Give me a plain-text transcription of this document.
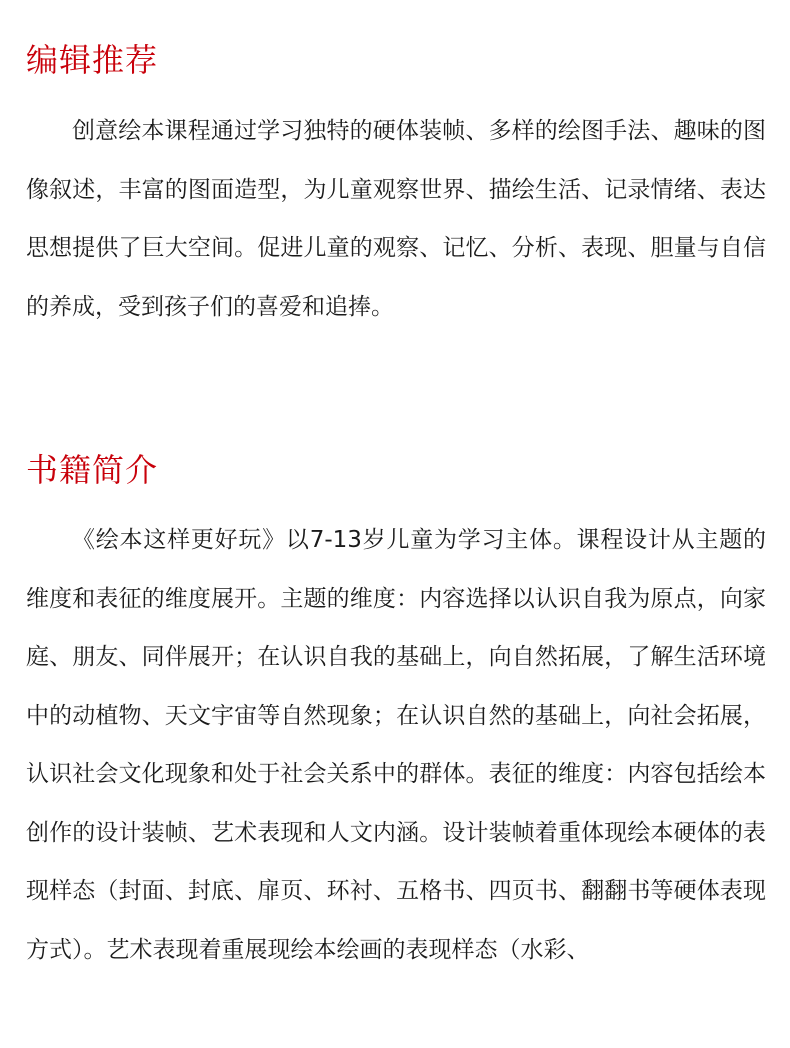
编辑推荐

创意绘本课程通过学习独特的硬体装帧、多样的绘图手法、趣味的图像叙述，丰富的图面造型，为儿童观察世界、描绘生活、记录情绪、表达思想提供了巨大空间。促进儿童的观察、记忆、分析、表现、胆量与自信的养成，受到孩子们的喜爱和追捧。

书籍简介

《绘本这样更好玩》以7-13岁儿童为学习主体。课程设计从主题的维度和表征的维度展开。主题的维度：内容选择以认识自我为原点，向家庭、朋友、同伴展开；在认识自我的基础上，向自然拓展，了解生活环境中的动植物、天文宇宙等自然现象；在认识自然的基础上，向社会拓展，认识社会文化现象和处于社会关系中的群体。表征的维度：内容包括绘本创作的设计装帧、艺术表现和人文内涵。设计装帧着重体现绘本硬体的表现样态（封面、封底、扉页、环衬、五格书、四页书、翻翻书等硬体表现方式）。艺术表现着重展现绘本绘画的表现样态（水彩、
